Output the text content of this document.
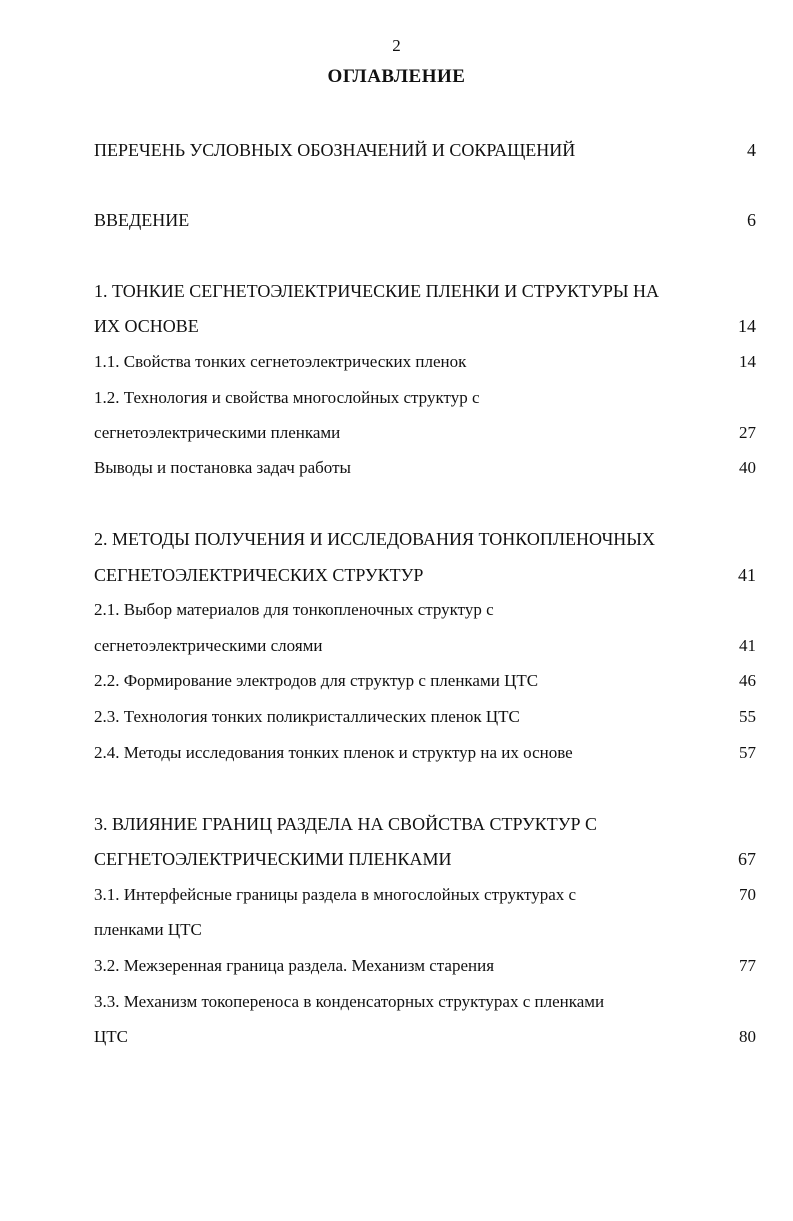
2
ОГЛАВЛЕНИЕ
ПЕРЕЧЕНЬ УСЛОВНЫХ ОБОЗНАЧЕНИЙ И СОКРАЩЕНИЙ	4
ВВЕДЕНИЕ	6
1. ТОНКИЕ СЕГНЕТОЭЛЕКТРИЧЕСКИЕ ПЛЕНКИ И СТРУКТУРЫ НА
ИХ ОСНОВЕ	14
1.1. Свойства тонких сегнетоэлектрических пленок	14
1.2. Технология и свойства многослойных структур с
сегнетоэлектрическими пленками	27
Выводы и постановка задач работы	40
2. МЕТОДЫ ПОЛУЧЕНИЯ И ИССЛЕДОВАНИЯ ТОНКОПЛЕНОЧНЫХ
СЕГНЕТОЭЛЕКТРИЧЕСКИХ СТРУКТУР	41
2.1. Выбор материалов для тонкопленочных структур с
сегнетоэлектрическими слоями	41
2.2. Формирование электродов для структур с пленками ЦТС	46
2.3. Технология тонких поликристаллических пленок ЦТС	55
2.4. Методы исследования тонких пленок и структур на их основе	57
3. ВЛИЯНИЕ ГРАНИЦ РАЗДЕЛА НА СВОЙСТВА СТРУКТУР С
СЕГНЕТОЭЛЕКТРИЧЕСКИМИ ПЛЕНКАМИ	67
3.1. Интерфейсные границы раздела в многослойных структурах с	70
пленками ЦТС
3.2. Межзеренная граница раздела. Механизм старения	77
3.3. Механизм токопереноса в конденсаторных структурах с пленками
ЦТС	80
